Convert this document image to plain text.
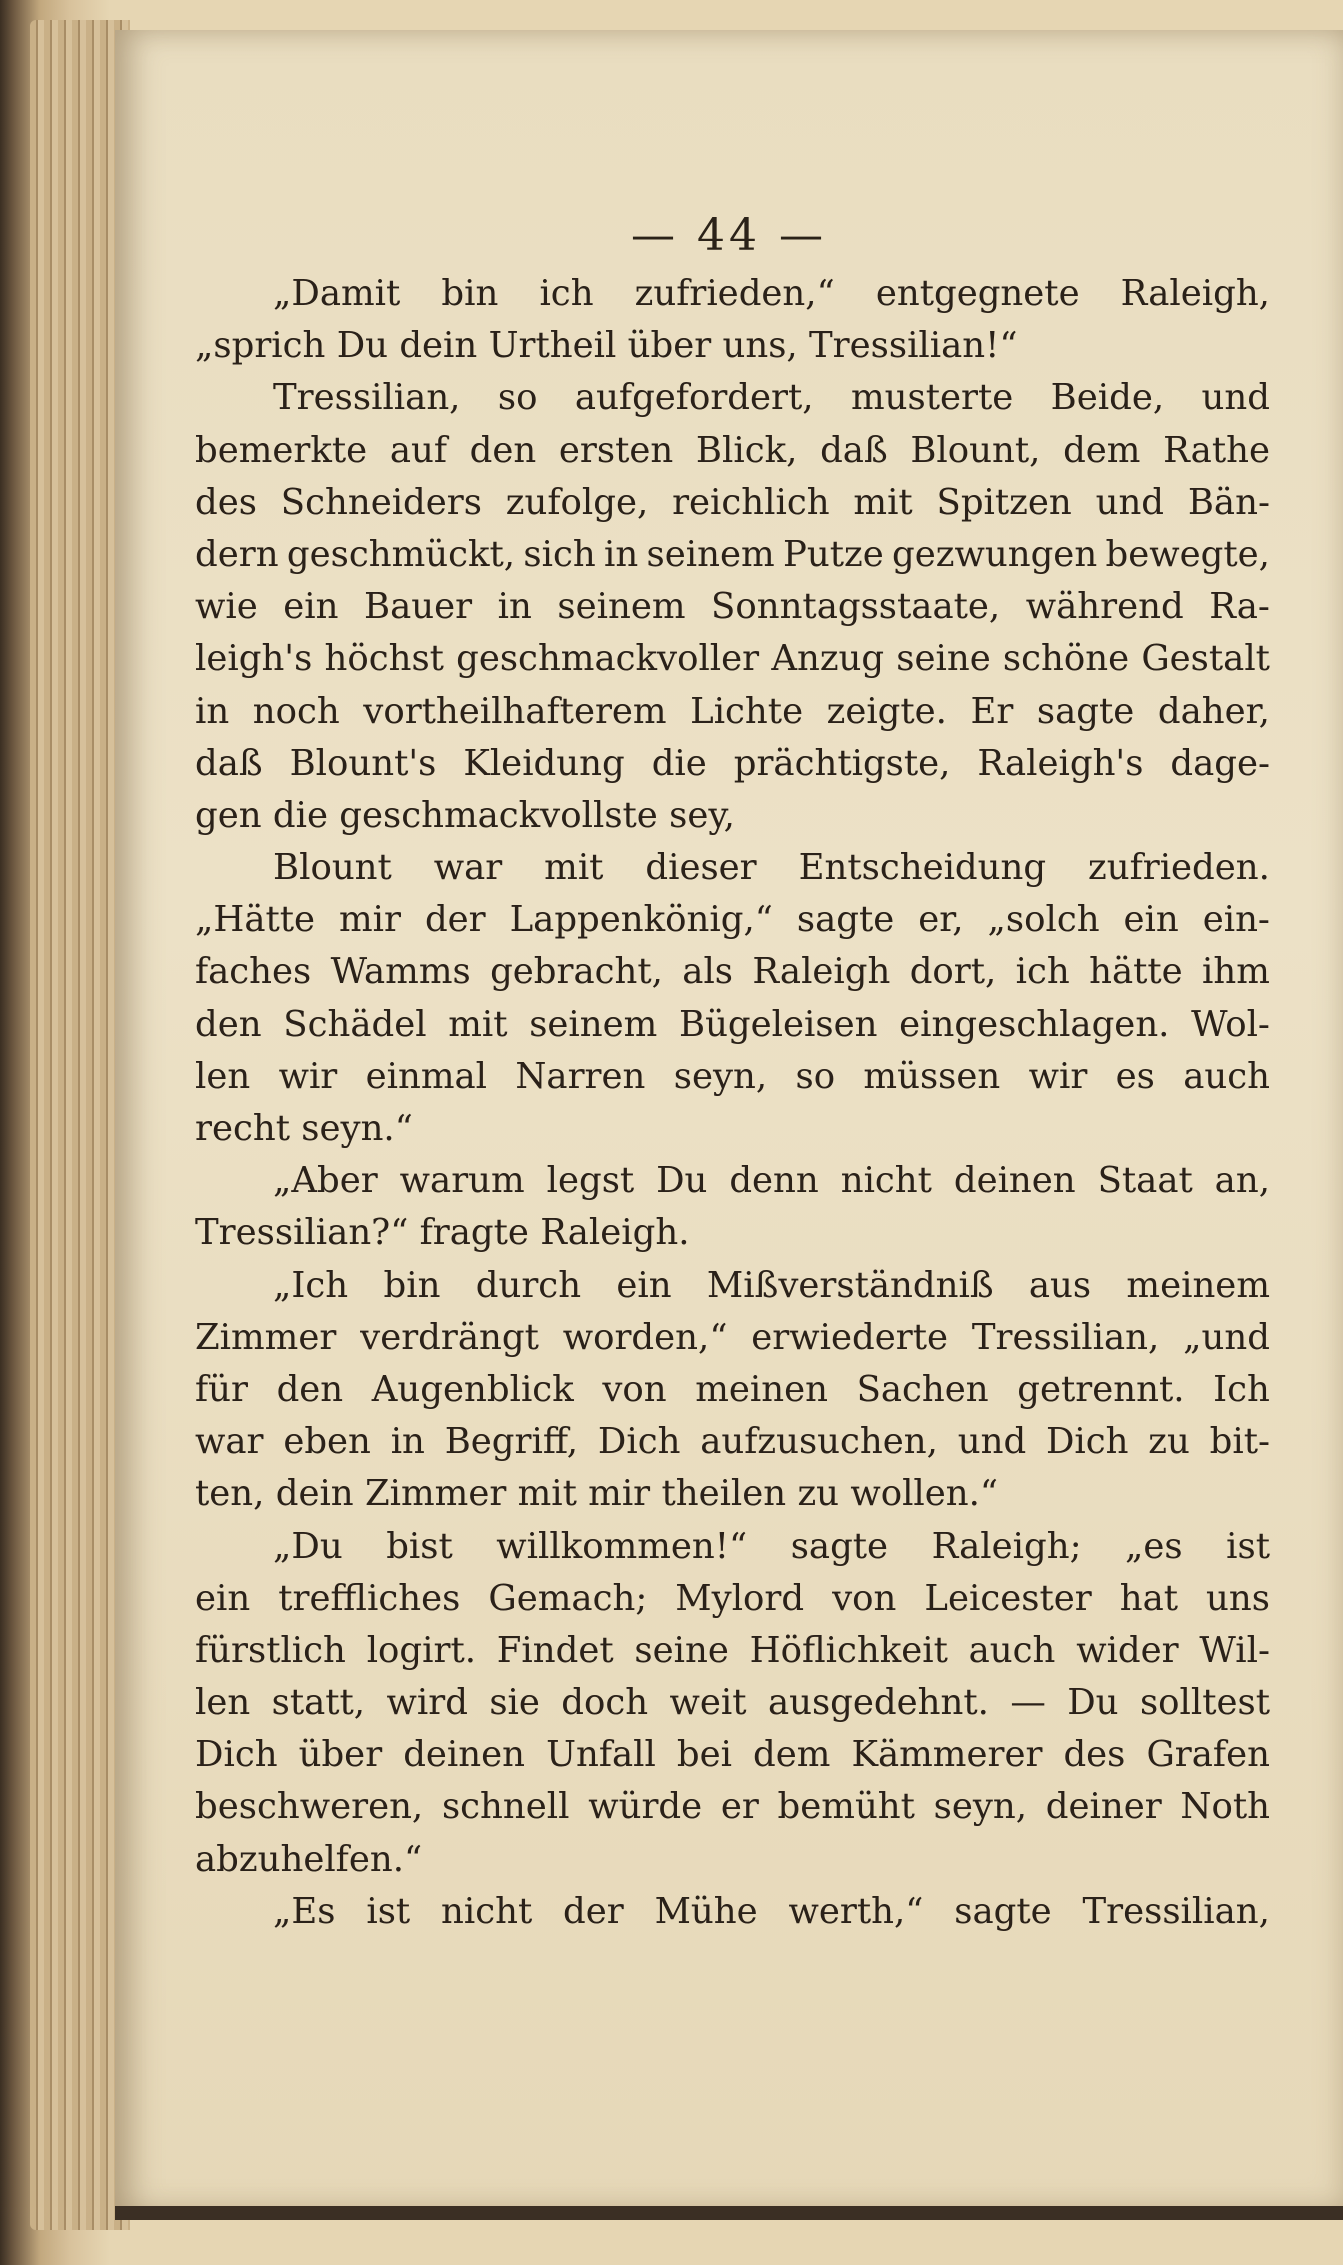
— 44 —
„Damit bin ich zufrieden,“ entgegnete Raleigh,
„sprich Du dein Urtheil über uns, Tressilian!“
Tressilian, so aufgefordert, musterte Beide, und
bemerkte auf den ersten Blick, daß Blount, dem Rathe
des Schneiders zufolge, reichlich mit Spitzen und Bän-
dern geschmückt, sich in seinem Putze gezwungen bewegte,
wie ein Bauer in seinem Sonntagsstaate, während Ra-
leigh's höchst geschmackvoller Anzug seine schöne Gestalt
in noch vortheilhafterem Lichte zeigte. Er sagte daher,
daß Blount's Kleidung die prächtigste, Raleigh's dage-
gen die geschmackvollste sey,
Blount war mit dieser Entscheidung zufrieden.
„Hätte mir der Lappenkönig,“ sagte er, „solch ein ein-
faches Wamms gebracht, als Raleigh dort, ich hätte ihm
den Schädel mit seinem Bügeleisen eingeschlagen. Wol-
len wir einmal Narren seyn, so müssen wir es auch
recht seyn.“
„Aber warum legst Du denn nicht deinen Staat an,
Tressilian?“ fragte Raleigh.
„Ich bin durch ein Mißverständniß aus meinem
Zimmer verdrängt worden,“ erwiederte Tressilian, „und
für den Augenblick von meinen Sachen getrennt. Ich
war eben in Begriff, Dich aufzusuchen, und Dich zu bit-
ten, dein Zimmer mit mir theilen zu wollen.“
„Du bist willkommen!“ sagte Raleigh; „es ist
ein treffliches Gemach; Mylord von Leicester hat uns
fürstlich logirt. Findet seine Höflichkeit auch wider Wil-
len statt, wird sie doch weit ausgedehnt. — Du solltest
Dich über deinen Unfall bei dem Kämmerer des Grafen
beschweren, schnell würde er bemüht seyn, deiner Noth
abzuhelfen.“
„Es ist nicht der Mühe werth,“ sagte Tressilian,
